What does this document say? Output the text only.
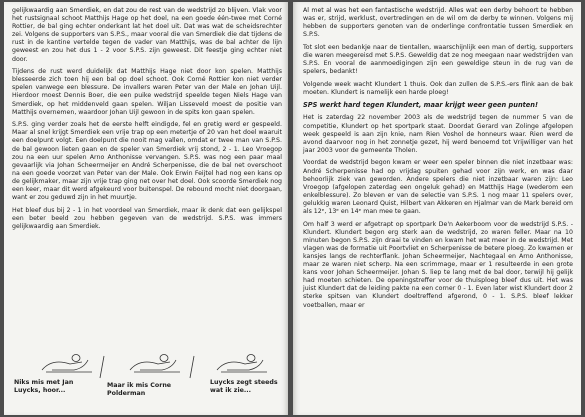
gelijkwaardig aan Smerdiek, en dat zou de rest van de wedstrijd zo blijven. Vlak voor het rustsignaal schoot Matthijs Hage op het doel, na een goede één-twee met Corné Rottier, de bal ging echter onderkant lat het doel uit. Dat was wat de scheidsrechter zei. Volgens de supporters van S.P.S., maar vooral die van Smerdiek die dat tijdens de rust in de kantine vertelde tegen de vader van Matthijs, was de bal achter de lijn geweest en zou het dus 1 - 2 voor S.P.S. zijn geweest. Dit feestje ging echter niet door.

Tijdens de rust werd duidelijk dat Matthijs Hage niet door kon spelen. Matthijs blesseerde zich toen hij een bal op doel schoot. Ook Corné Rottier kon niet verder spelen vanwege een blessure. De invallers waren Peter van der Male en Johan Uijl. Hierdoor moest Dennis Boer, die een puike wedstrijd speelde tegen Niels Hage van Smerdiek, op het middenveld gaan spelen. Wiljan Lisseveld moest de positie van Matthijs overnemen, waardoor Johan Uijl gewoon in de spits kon gaan spelen.

S.P.S. ging verder zoals het de eerste helft eindigde, fel en gretig werd er gespeeld. Maar al snel krijgt Smerdiek een vrije trap op een metertje of 20 van het doel waaruit een doelpunt volgt. Een doelpunt die nooit mag vallen, omdat er twee man van S.P.S. de bal gewoon lieten gaan en de speler van Smerdiek vrij stond, 2 - 1. Leo Vroegop zou na een uur spelen Arno Anthonisse vervangen. S.P.S. was nog een paar maal gevaarlijk via Johan Scheermeijer en André Scherpenisse, die de bal net overschoot na een goede voorzet van Peter van der Male. Ook Erwin Feijtel had nog een kans op de gelijkmaker, maar zijn vrije trap ging net over het doel. Ook scoorde Smerdiek nog een keer, maar dit werd afgekeurd voor buitenspel. De rebound mocht niet doorgaan, want er zou geduwd zijn in het muurtje.

Het bleef dus bij 2 - 1 in het voordeel van Smerdiek, maar ik denk dat een gelijkspel een beter beeld zou hebben gegeven van de wedstrijd. S.P.S. was immers gelijkwaardig aan Smerdiek.

Niks mis met Jan Luycks, hoor...
Maar ik mis Corne Polderman
Luycks zegt steeds wat ik zie...

Al met al was het een fantastische wedstrijd. Alles wat een derby behoort te hebben was er, strijd, werklust, overtredingen en de wil om de derby te winnen. Volgens mij hebben de supporters genoten van de onderlinge confrontatie tussen Smerdiek en S.P.S.

Tot slot een bedankje naar de tientallen, waarschijnlijk een man of dertig, supporters die waren meegereisd met S.P.S. Geweldig dat ze nog meegaan naar wedstrijden van S.P.S. En vooral de aanmoedigingen zijn een geweldige steun in de rug van de spelers, bedankt!

Volgende week wacht Klundert 1 thuis. Ook dan zullen de S.P.S.-ers flink aan de bak moeten. Klundert is namelijk een harde ploeg!

SPS werkt hard tegen Klundert, maar krijgt weer geen punten!

Het is zaterdag 22 november 2003 als de wedstrijd tegen de nummer 5 van de competitie, Klundert op het sportpark staat. Doordat Gerard van Zolinge afgelopen week gespeeld is aan zijn knie, nam Rien Voshol de honneurs waar. Rien werd de avond daarvoor nog in het zonnetje gezet, hij werd benoemd tot Vrijwilliger van het jaar 2003 voor de gemeente Tholen.

Voordat de wedstrijd begon kwam er weer een speler binnen die niet inzetbaar was: André Scherpenisse had op vrijdag spuiten gehad voor zijn werk, en was daar behoorlijk ziek van geworden. Andere spelers die niet inzetbaar waren zijn: Leo Vroegop (afgelopen zaterdag een ongeluk gehad) en Matthijs Hage (wederom een enkelblessure). Zo bleven er van de selectie van S.P.S. 1 nog maar 11 spelers over, gelukkig waren Leonard Quist, Hilbert van Akkeren en Hjalmar van de Mark bereid om als 12ᵉ, 13ᵉ en 14ᵉ man mee te gaan.

Om half 3 werd er afgetrapt op sportpark De'n Aekerboom voor de wedstrijd S.P.S. - Klundert. Klundert begon erg sterk aan de wedstrijd, zo waren feller. Maar na 10 minuten begon S.P.S. zijn draai te vinden en kwam het wat meer in de wedstrijd. Met vlagen was de formatie uit Poortvliet en Scherpenisse de betere ploeg. Zo kwamen er kansjes langs de rechterflank. Johan Scheermeijer, Nachtegaal en Arno Anthonisse, maar ze waren niet scherp. Na een scrimmage, maar er 1 resulteerde in een grote kans voor Johan Scheermeijer. Johan S. liep te lang met de bal door, terwijl hij gelijk had moeten schieten. De openingstreffer voor de thuisploeg bleef dus uit. Het was juist Klundert dat de leiding pakte na een corner 0 - 1. Even later wist Klundert door 2 sterke spitsen van Klundert doeltreffend afgerond, 0 - 1. S.P.S. bleef lekker voetballen, maar er
